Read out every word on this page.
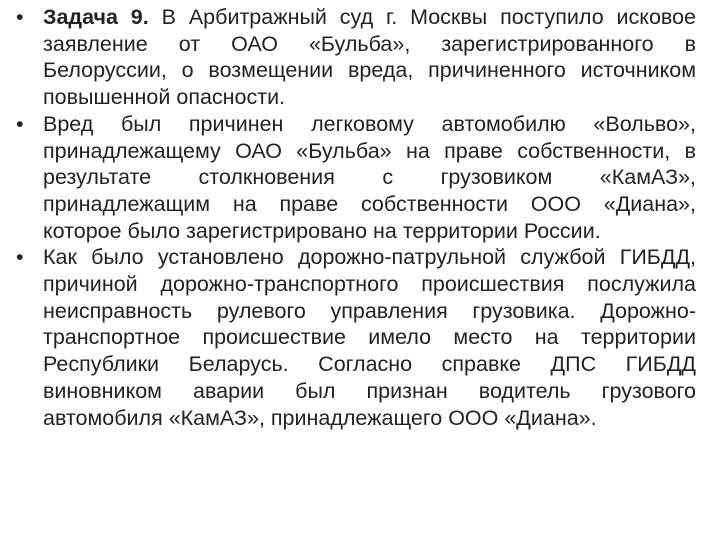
• Задача 9. В Арбитражный суд г. Москвы поступило исковое заявление от ОАО «Бульба», зарегистрированного в Белоруссии, о возмещении вреда, причиненного источником повышенной опасности.
• Вред был причинен легковому автомобилю «Вольво», принадлежащему ОАО «Бульба» на праве собственности, в результате столкновения с грузовиком «КамАЗ», принадлежащим на праве собственности ООО «Диана», которое было зарегистрировано на территории России.
• Как было установлено дорожно-патрульной службой ГИБДД, причиной дорожно-транспортного происшествия послужила неисправность рулевого управления грузовика. Дорожно-транспортное происшествие имело место на территории Республики Беларусь. Согласно справке ДПС ГИБДД виновником аварии был признан водитель грузового автомобиля «КамАЗ», принадлежащего ООО «Диана».
